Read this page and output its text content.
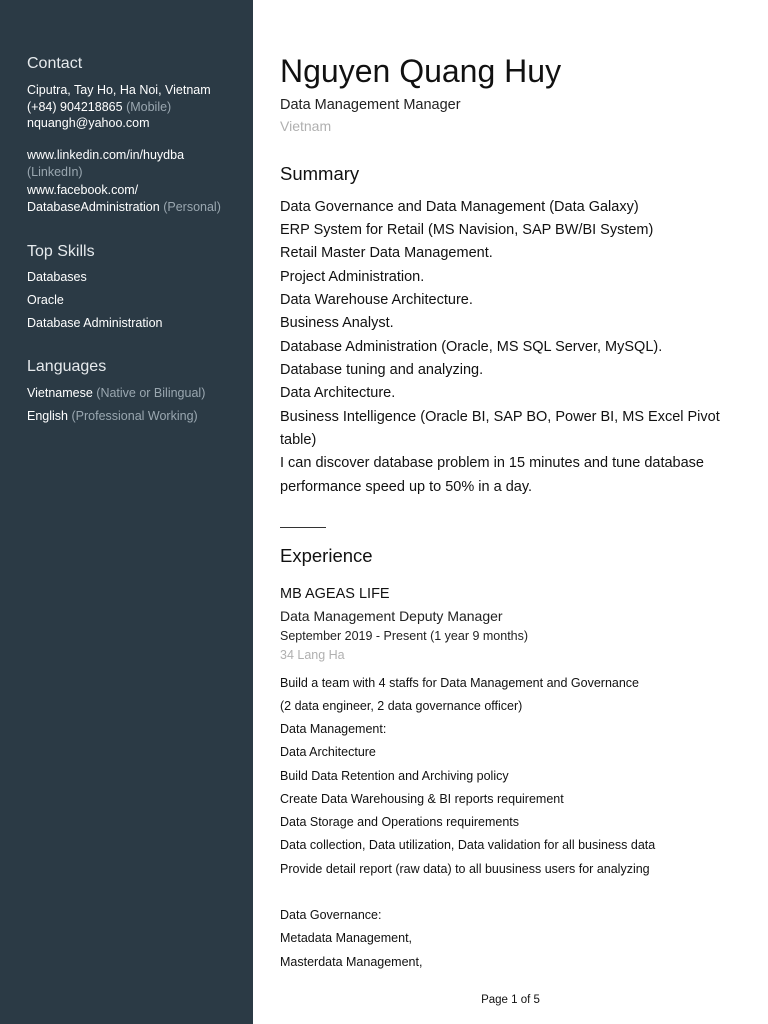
Contact
Ciputra, Tay Ho, Ha Noi, Vietnam
(+84) 904218865 (Mobile)
nquangh@yahoo.com
www.linkedin.com/in/huydba
(LinkedIn)
www.facebook.com/
DatabaseAdministration (Personal)
Top Skills
Databases
Oracle
Database Administration
Languages
Vietnamese (Native or Bilingual)
English (Professional Working)
Nguyen Quang Huy
Data Management Manager
Vietnam
Summary
Data Governance and Data Management (Data Galaxy)
ERP System for Retail (MS Navision, SAP BW/BI System)
Retail Master Data Management.
Project Administration.
Data Warehouse Architecture.
Business Analyst.
Database Administration (Oracle, MS SQL Server, MySQL).
Database tuning and analyzing.
Data Architecture.
Business Intelligence (Oracle BI, SAP BO, Power BI, MS Excel Pivot
table)
I can discover database problem in 15 minutes and tune database
performance speed up to 50% in a day.
Experience
MB AGEAS LIFE
Data Management Deputy Manager
September 2019 - Present (1 year 9 months)
34 Lang Ha
Build a team with 4 staffs for Data Management and Governance
(2 data engineer, 2 data governance officer)
Data Management:
Data Architecture
Build Data Retention and Archiving policy
Create Data Warehousing & BI reports requirement
Data Storage and Operations requirements
Data collection, Data utilization, Data validation for all business data
Provide detail report (raw data) to all buusiness users for analyzing
Data Governance:
Metadata Management,
Masterdata Management,
Page 1 of 5
